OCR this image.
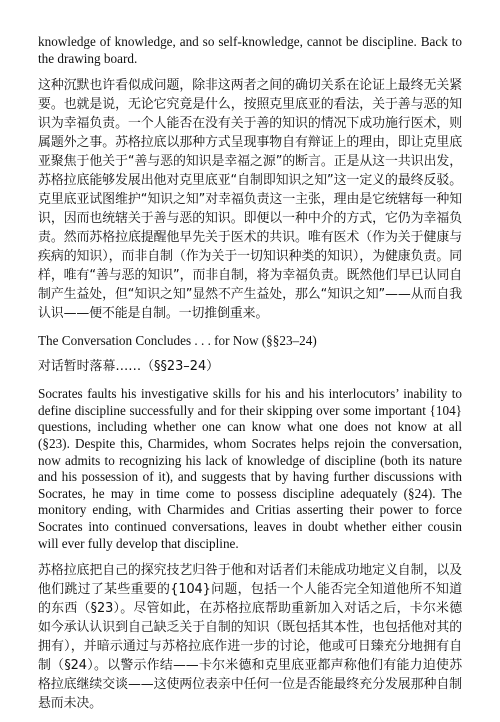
knowledge of knowledge, and so self-knowledge, cannot be discipline. Back to the drawing board.

这种沉默也许看似成问题，除非这两者之间的确切关系在论证上最终无关紧要。也就是说，无论它究竟是什么，按照克里底亚的看法，关于善与恶的知识为幸福负责。一个人能否在没有关于善的知识的情况下成功施行医术，则属题外之事。苏格拉底以那种方式呈现事物自有辩证上的理由，即让克里底亚聚焦于他关于“善与恶的知识是幸福之源”的断言。正是从这一共识出发，苏格拉底能够发展出他对克里底亚“自制即知识之知”这一定义的最终反驳。克里底亚试图维护“知识之知”对幸福负责这一主张，理由是它统辖每一种知识，因而也统辖关于善与恶的知识。即便以一种中介的方式，它仍为幸福负责。然而苏格拉底提醒他早先关于医术的共识。唯有医术（作为关于健康与疾病的知识），而非自制（作为关于一切知识种类的知识），为健康负责。同样，唯有“善与恶的知识”，而非自制，将为幸福负责。既然他们早已认同自制产生益处，但“知识之知”显然不产生益处，那么“知识之知”——从而自我认识——便不能是自制。一切推倒重来。

The Conversation Concludes . . . for Now (§§23–24)

对话暂时落幕……（§§23–24）

Socrates faults his investigative skills for his and his interlocutors’ inability to define discipline successfully and for their skipping over some important {104} questions, including whether one can know what one does not know at all (§23). Despite this, Charmides, whom Socrates helps rejoin the conversation, now admits to recognizing his lack of knowledge of discipline (both its nature and his possession of it), and suggests that by having further discussions with Socrates, he may in time come to possess discipline adequately (§24). The monitory ending, with Charmides and Critias asserting their power to force Socrates into continued conversations, leaves in doubt whether either cousin will ever fully develop that discipline.

苏格拉底把自己的探究技艺归咎于他和对话者们未能成功地定义自制，以及他们跳过了某些重要的{104}问题，包括一个人能否完全知道他所不知道的东西（§23）。尽管如此，在苏格拉底帮助重新加入对话之后，卡尔米德如今承认认识到自己缺乏关于自制的知识（既包括其本性，也包括他对其的拥有），并暗示通过与苏格拉底作进一步的讨论，他或可日臻充分地拥有自制（§24）。以警示作结——卡尔米德和克里底亚都声称他们有能力迫使苏格拉底继续交谈——这使两位表亲中任何一位是否能最终充分发展那种自制悬而未决。
